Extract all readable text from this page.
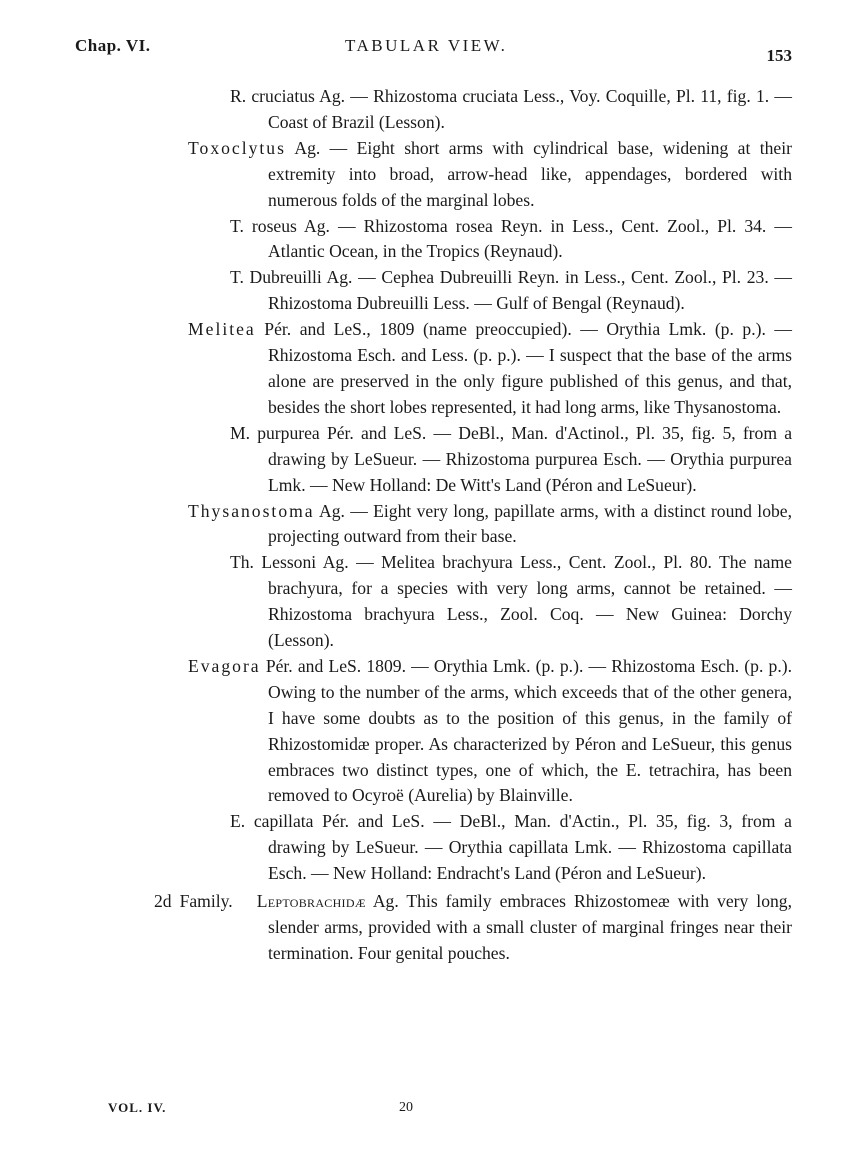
Chap. VI.	TABULAR VIEW.
153

R. cruciatus Ag. — Rhizostoma cruciata Less., Voy. Coquille, Pl. 11, fig. 1. — Coast of Brazil (Lesson).

Toxoclytus Ag. — Eight short arms with cylindrical base, widening at their extremity into broad, arrow-head like, appendages, bordered with numerous folds of the marginal lobes.

T. roseus Ag. — Rhizostoma rosea Reyn. in Less., Cent. Zool., Pl. 34. — Atlantic Ocean, in the Tropics (Reynaud).

T. Dubreuilli Ag. — Cephea Dubreuilli Reyn. in Less., Cent. Zool., Pl. 23. — Rhizostoma Dubreuilli Less. — Gulf of Bengal (Reynaud).

Melitea Pér. and LeS., 1809 (name preoccupied). — Orythia Lmk. (p. p.). — Rhizostoma Esch. and Less. (p. p.). — I suspect that the base of the arms alone are preserved in the only figure published of this genus, and that, besides the short lobes represented, it had long arms, like Thysanostoma.

M. purpurea Pér. and LeS. — DeBl., Man. d'Actinol., Pl. 35, fig. 5, from a drawing by LeSueur. — Rhizostoma purpurea Esch. — Orythia purpurea Lmk. — New Holland: De Witt's Land (Péron and LeSueur).

Thysanostoma Ag. — Eight very long, papillate arms, with a distinct round lobe, projecting outward from their base.

Th. Lessoni Ag. — Melitea brachyura Less., Cent. Zool., Pl. 80. The name brachyura, for a species with very long arms, cannot be retained. — Rhizostoma brachyura Less., Zool. Coq. — New Guinea: Dorchy (Lesson).

Evagora Pér. and LeS. 1809. — Orythia Lmk. (p. p.). — Rhizostoma Esch. (p. p.). Owing to the number of the arms, which exceeds that of the other genera, I have some doubts as to the position of this genus, in the family of Rhizostomidæ proper. As characterized by Péron and LeSueur, this genus embraces two distinct types, one of which, the E. tetrachira, has been removed to Ocyroë (Aurelia) by Blainville.

E. capillata Pér. and LeS. — DeBl., Man. d'Actin., Pl. 35, fig. 3, from a drawing by LeSueur. — Orythia capillata Lmk. — Rhizostoma capillata Esch. — New Holland: Endracht's Land (Péron and LeSueur).

2d Family. Leptobrachidæ Ag. This family embraces Rhizostomeæ with very long, slender arms, provided with a small cluster of marginal fringes near their termination. Four genital pouches.

VOL. IV.	20
